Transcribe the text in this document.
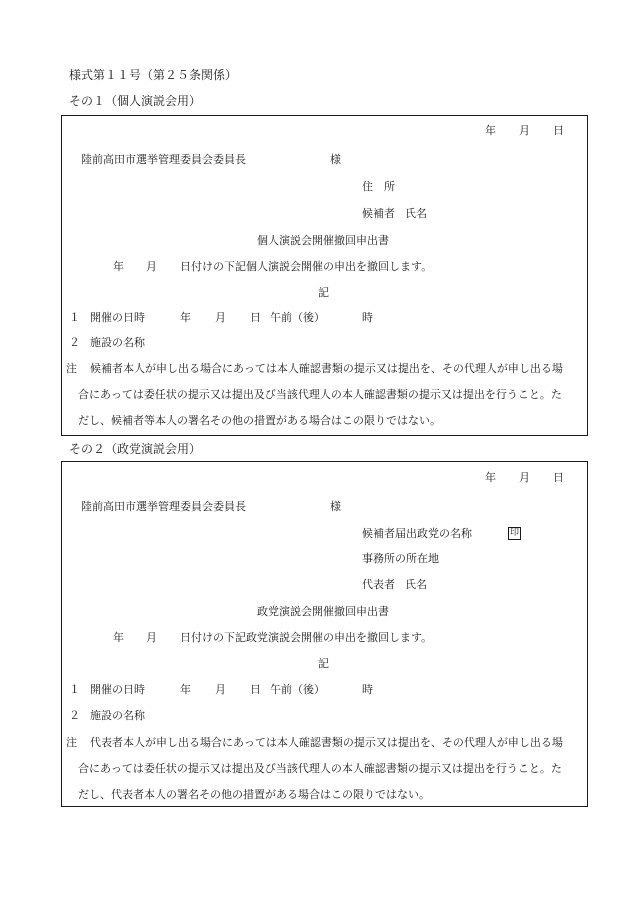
様式第１１号（第２５条関係）
その１（個人演説会用）
年 月 日
陸前高田市選挙管理委員会委員長	様
住　所
候補者 氏名
個人演説会開催撤回申出書
年 月 日付けの下記個人演説会開催の申出を撤回します。
記
１ 開催の日時	年 月 日 午前（後）	時
２ 施設の名称
注 候補者本人が申し出る場合にあっては本人確認書類の提示又は提出を、その代理人が申し出る場
合にあっては委任状の提示又は提出及び当該代理人の本人確認書類の提示又は提出を行うこと。た
だし、候補者等本人の署名その他の措置がある場合はこの限りではない。
その２（政党演説会用）
年 月 日
陸前高田市選挙管理委員会委員長	様
候補者届出政党の名称	印
事務所の所在地
代表者 氏名
政党演説会開催撤回申出書
年 月 日付けの下記政党演説会開催の申出を撤回します。
記
１ 開催の日時	年 月 日 午前（後）	時
２ 施設の名称
注 代表者本人が申し出る場合にあっては本人確認書類の提示又は提出を、その代理人が申し出る場
合にあっては委任状の提示又は提出及び当該代理人の本人確認書類の提示又は提出を行うこと。た
だし、代表者本人の署名その他の措置がある場合はこの限りではない。
